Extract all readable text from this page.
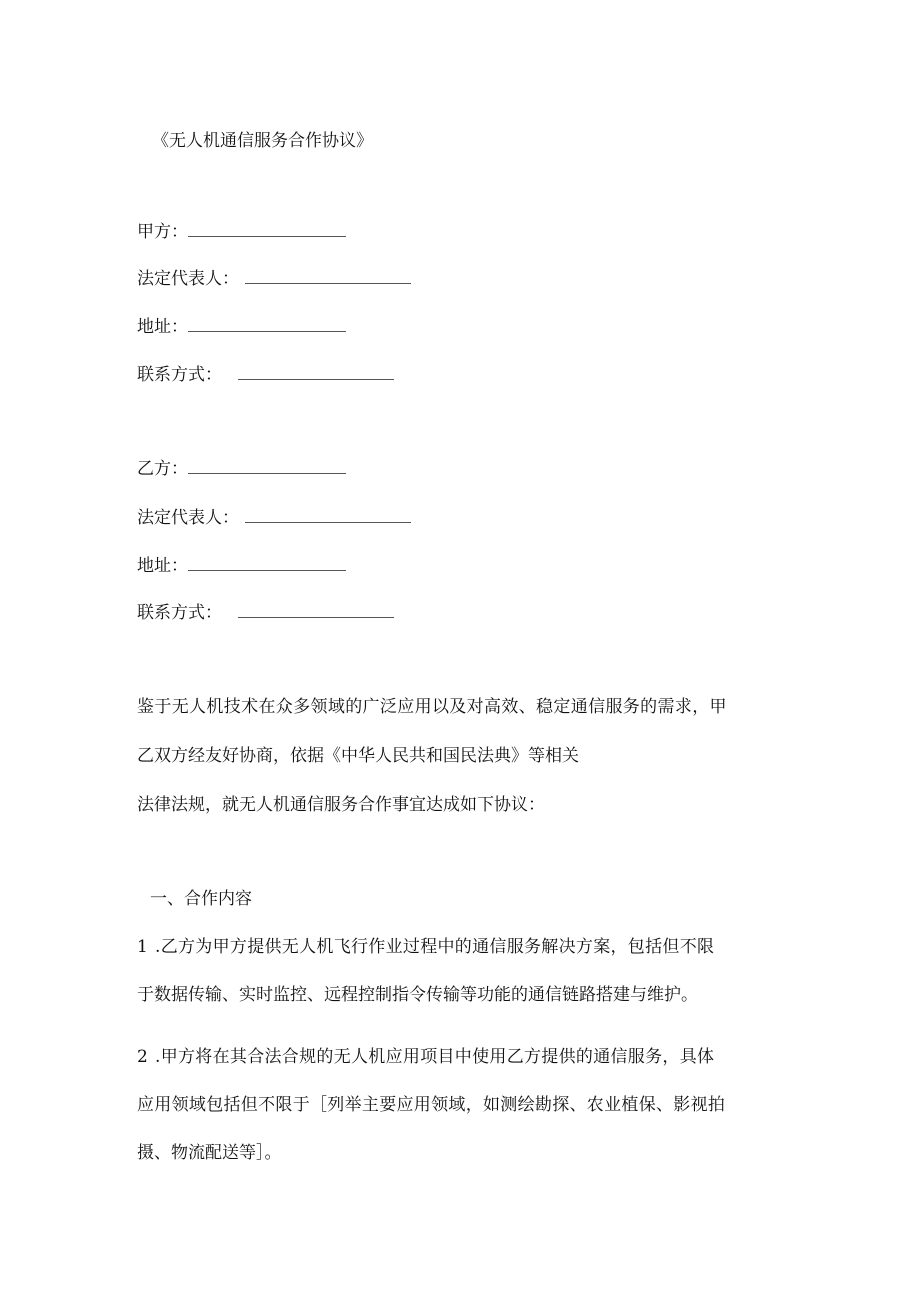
《无人机通信服务合作协议》
甲方：
法定代表人：
地址：
联系方式：
乙方：
法定代表人：
地址：
联系方式：
鉴于无人机技术在众多领域的广泛应用以及对高效、稳定通信服务的需求，甲
乙双方经友好协商，依据《中华人民共和国民法典》等相关
法律法规，就无人机通信服务合作事宜达成如下协议：
一、合作内容
1 .乙方为甲方提供无人机飞行作业过程中的通信服务解决方案，包括但不限
于数据传输、实时监控、远程控制指令传输等功能的通信链路搭建与维护。
2 .甲方将在其合法合规的无人机应用项目中使用乙方提供的通信服务，具体
应用领域包括但不限于［列举主要应用领域，如测绘勘探、农业植保、影视拍
摄、物流配送等］。
